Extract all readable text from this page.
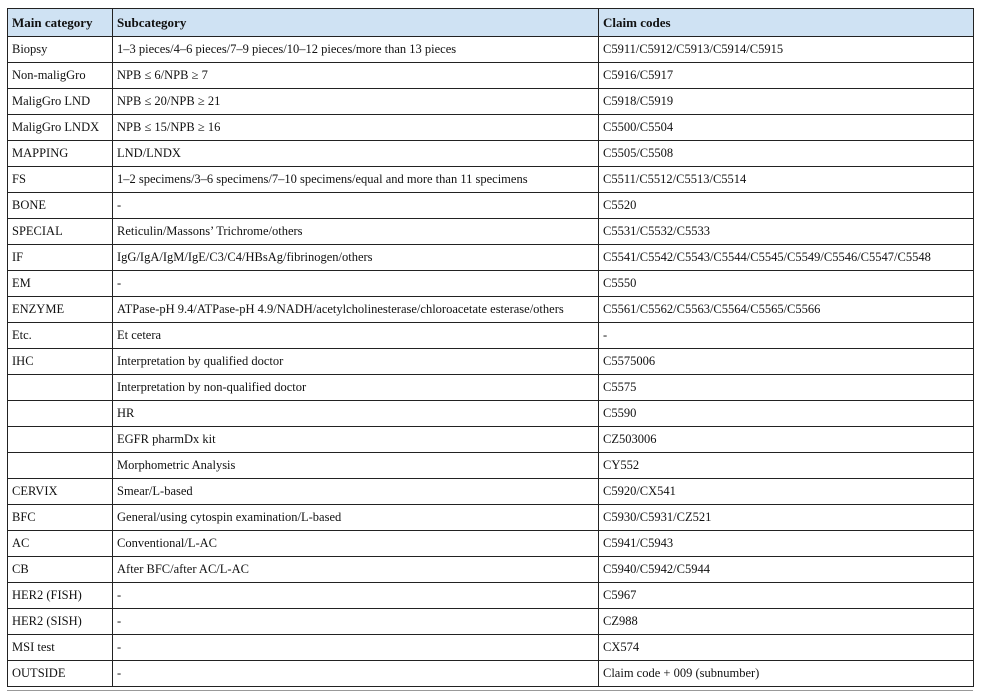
Main category	Subcategory	Claim codes
Biopsy	1–3 pieces/4–6 pieces/7–9 pieces/10–12 pieces/more than 13 pieces	C5911/C5912/C5913/C5914/C5915
Non-maligGro	NPB ≤ 6/NPB ≥ 7	C5916/C5917
MaligGro LND	NPB ≤ 20/NPB ≥ 21	C5918/C5919
MaligGro LNDX	NPB ≤ 15/NPB ≥ 16	C5500/C5504
MAPPING	LND/LNDX	C5505/C5508
FS	1–2 specimens/3–6 specimens/7–10 specimens/equal and more than 11 specimens	C5511/C5512/C5513/C5514
BONE	-	C5520
SPECIAL	Reticulin/Massons’ Trichrome/others	C5531/C5532/C5533
IF	IgG/IgA/IgM/IgE/C3/C4/HBsAg/fibrinogen/others	C5541/C5542/C5543/C5544/C5545/C5549/C5546/C5547/C5548
EM	-	C5550
ENZYME	ATPase-pH 9.4/ATPase-pH 4.9/NADH/acetylcholinesterase/chloroacetate esterase/others	C5561/C5562/C5563/C5564/C5565/C5566
Etc.	Et cetera	-
IHC	Interpretation by qualified doctor	C5575006
	Interpretation by non-qualified doctor	C5575
	HR	C5590
	EGFR pharmDx kit	CZ503006
	Morphometric Analysis	CY552
CERVIX	Smear/L-based	C5920/CX541
BFC	General/using cytospin examination/L-based	C5930/C5931/CZ521
AC	Conventional/L-AC	C5941/C5943
CB	After BFC/after AC/L-AC	C5940/C5942/C5944
HER2 (FISH)	-	C5967
HER2 (SISH)	-	CZ988
MSI test	-	CX574
OUTSIDE	-	Claim code + 009 (subnumber)
